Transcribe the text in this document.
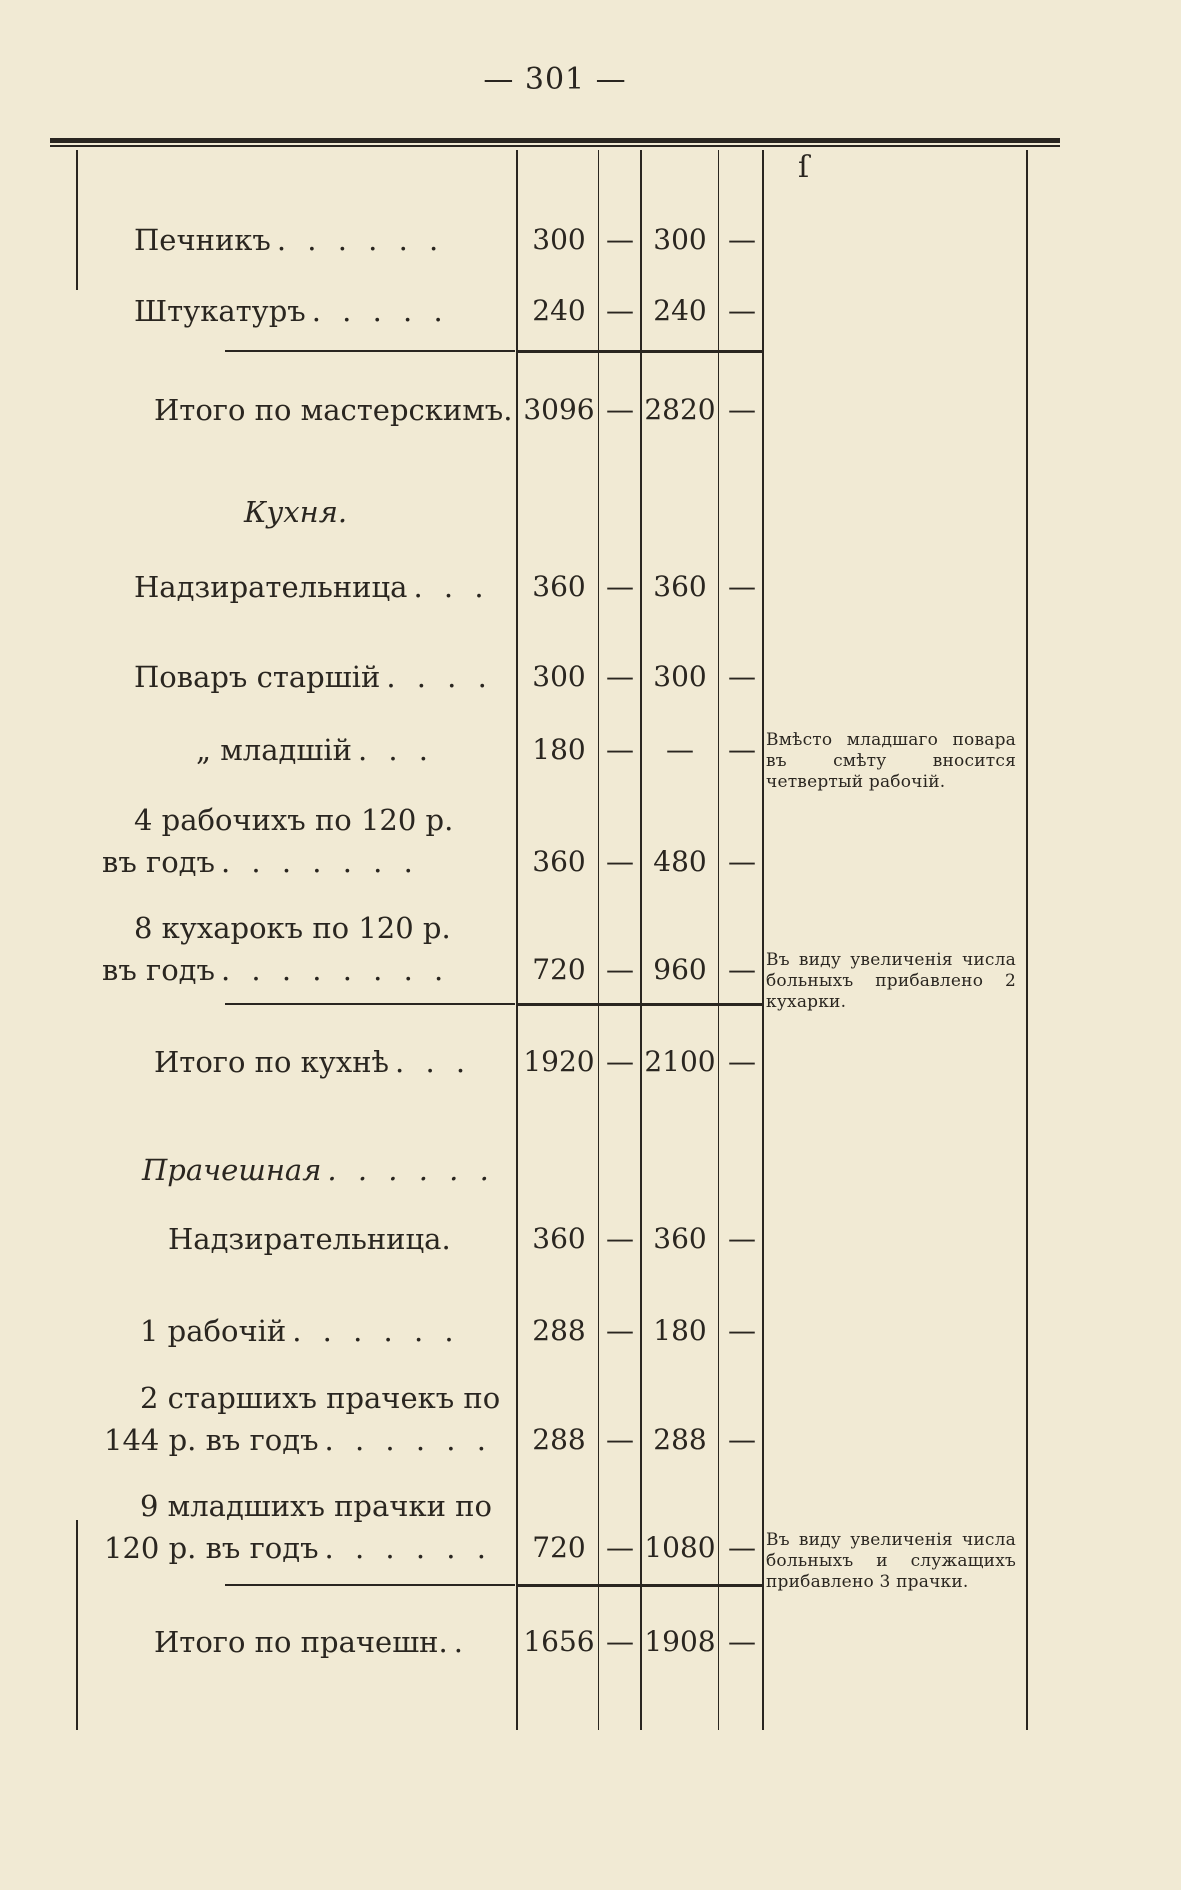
— 301 —
ſ
Печникъ . . . . . .	300 — 300 —
Штукатуръ . . . . .	240 — 240 —
Итого по мастерскимъ. 3096 — 2820 —
Кухня.
Надзирательница . . .	360 — 360 —
Поваръ старшій . . . .	300 — 300 —
„ младшій . . .	180 —	—	— Вмѣсто младшаго повара въ смѣту вносится четвертый рабочій.
4 рабочихъ по 120 р.
въ годъ . . . . . . .	360 — 480 —
8 кухарокъ по 120 р.
въ годъ . . . . . . . .	720 — 960 — Въ виду увеличенія числа больныхъ прибавлено 2 кухарки.
Итого по кухнѣ . . . 1920 — 2100 —
Прачешная . . . . . .
Надзирательница.	360 — 360 —
1 рабочій . . . . . .	288 — 180 —
2 старшихъ прачекъ по
144 р. въ годъ . . . . . .	288 — 288 —
9 младшихъ прачки по
120 р. въ годъ . . . . . .	720 — 1080 — Въ виду увеличенія числа больныхъ и служащихъ прибавлено 3 прачки.
Итого по прачешн. . 1656 — 1908 —
